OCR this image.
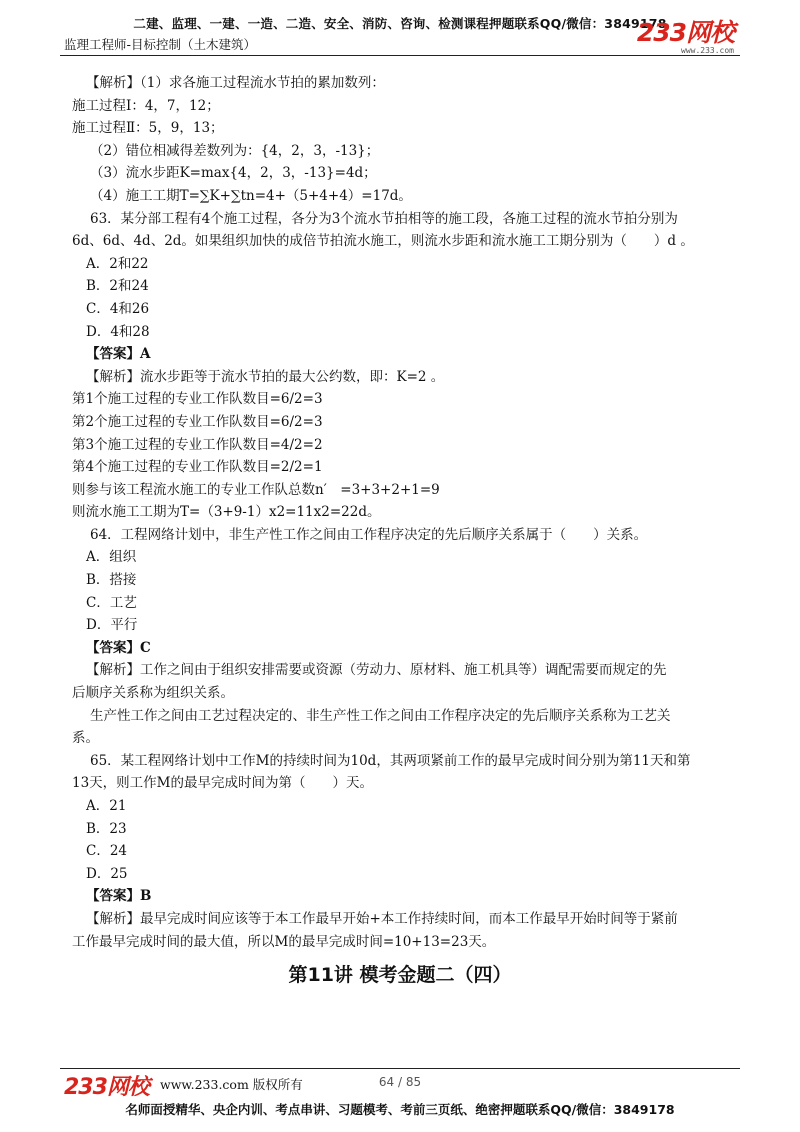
二建、监理、一建、一造、二造、安全、消防、咨询、检测课程押题联系QQ/微信：3849178
监理工程师-目标控制（土木建筑）	233网校
www.233.com
【解析】（1）求各施工过程流水节拍的累加数列：
施工过程Ⅰ：4，7，12；
施工过程Ⅱ：5，9，13；
（2）错位相减得差数列为：{4，2，3，-13}；
（3）流水步距K=max{4，2，3，-13}=4d；
（4）施工工期T=∑K+∑tn=4+（5+4+4）=17d。
63．某分部工程有4个施工过程，各分为3个流水节拍相等的施工段，各施工过程的流水节拍分别为
6d、6d、4d、2d。如果组织加快的成倍节拍流水施工，则流水步距和流水施工工期分别为（　　）d 。
A．2和22
B．2和24
C．4和26
D．4和28
【答案】A
【解析】流水步距等于流水节拍的最大公约数，即：K=2 。
第1个施工过程的专业工作队数目=6/2=3
第2个施工过程的专业工作队数目=6/2=3
第3个施工过程的专业工作队数目=4/2=2
第4个施工过程的专业工作队数目=2/2=1
则参与该工程流水施工的专业工作队总数n′　=3+3+2+1=9
则流水施工工期为T=（3+9-1）x2=11x2=22d。
64．工程网络计划中，非生产性工作之间由工作程序决定的先后顺序关系属于（　　）关系。
A．组织
B．搭接
C．工艺
D．平行
【答案】C
【解析】工作之间由于组织安排需要或资源（劳动力、原材料、施工机具等）调配需要而规定的先
后顺序关系称为组织关系。
生产性工作之间由工艺过程决定的、非生产性工作之间由工作程序决定的先后顺序关系称为工艺关
系。
65．某工程网络计划中工作M的持续时间为10d，其两项紧前工作的最早完成时间分别为第11天和第
13天，则工作M的最早完成时间为第（　　）天。
A．21
B．23
C．24
D．25
【答案】B
【解析】最早完成时间应该等于本工作最早开始+本工作持续时间，而本工作最早开始时间等于紧前
工作最早完成时间的最大值，所以M的最早完成时间=10+13=23天。
第11讲 模考金题二（四）
233网校 www.233.com 版权所有	64 / 85
名师面授精华、央企内训、考点串讲、习题模考、考前三页纸、绝密押题联系QQ/微信：3849178
